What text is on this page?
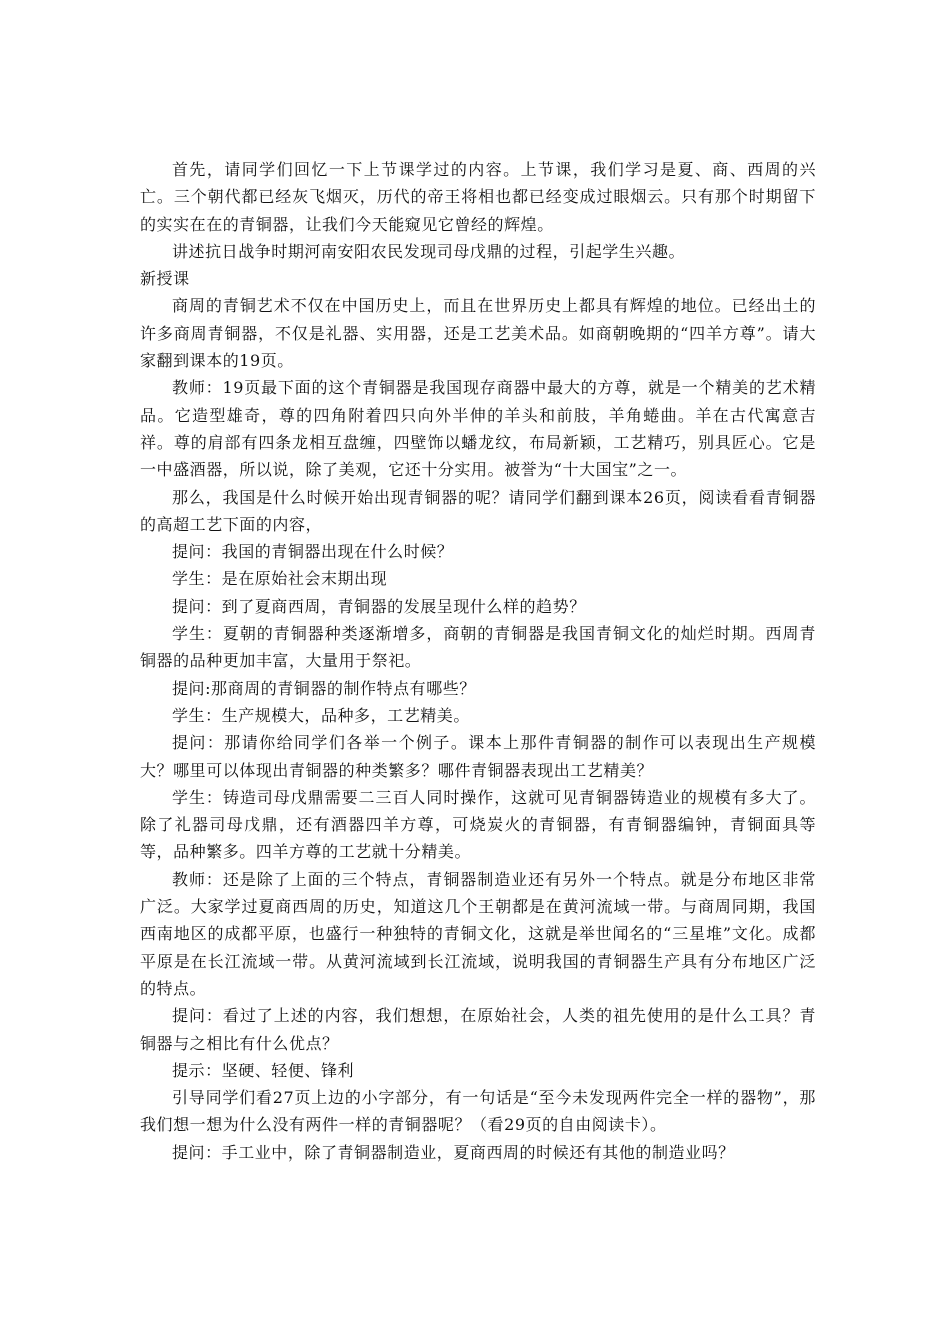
首先，请同学们回忆一下上节课学过的内容。上节课，我们学习是夏、商、西周的兴亡。三个朝代都已经灰飞烟灭，历代的帝王将相也都已经变成过眼烟云。只有那个时期留下的实实在在的青铜器，让我们今天能窥见它曾经的辉煌。

讲述抗日战争时期河南安阳农民发现司母戊鼎的过程，引起学生兴趣。

新授课

商周的青铜艺术不仅在中国历史上，而且在世界历史上都具有辉煌的地位。已经出土的许多商周青铜器，不仅是礼器、实用器，还是工艺美术品。如商朝晚期的“四羊方尊”。请大家翻到课本的19页。

教师：19页最下面的这个青铜器是我国现存商器中最大的方尊，就是一个精美的艺术精品。它造型雄奇，尊的四角附着四只向外半伸的羊头和前肢，羊角蜷曲。羊在古代寓意吉祥。尊的肩部有四条龙相互盘缠，四壁饰以蟠龙纹，布局新颖，工艺精巧，别具匠心。它是一中盛酒器，所以说，除了美观，它还十分实用。被誉为“十大国宝”之一。

那么，我国是什么时候开始出现青铜器的呢？请同学们翻到课本26页，阅读看看青铜器的高超工艺下面的内容，

提问：我国的青铜器出现在什么时候？

学生：是在原始社会末期出现

提问：到了夏商西周，青铜器的发展呈现什么样的趋势？

学生：夏朝的青铜器种类逐渐增多，商朝的青铜器是我国青铜文化的灿烂时期。西周青铜器的品种更加丰富，大量用于祭祀。

提问:那商周的青铜器的制作特点有哪些？

学生：生产规模大，品种多，工艺精美。

提问：那请你给同学们各举一个例子。课本上那件青铜器的制作可以表现出生产规模大？哪里可以体现出青铜器的种类繁多？哪件青铜器表现出工艺精美？

学生：铸造司母戊鼎需要二三百人同时操作，这就可见青铜器铸造业的规模有多大了。除了礼器司母戊鼎，还有酒器四羊方尊，可烧炭火的青铜器，有青铜器编钟，青铜面具等等，品种繁多。四羊方尊的工艺就十分精美。

教师：还是除了上面的三个特点，青铜器制造业还有另外一个特点。就是分布地区非常广泛。大家学过夏商西周的历史，知道这几个王朝都是在黄河流域一带。与商周同期，我国西南地区的成都平原，也盛行一种独特的青铜文化，这就是举世闻名的“三星堆”文化。成都平原是在长江流域一带。从黄河流域到长江流域，说明我国的青铜器生产具有分布地区广泛的特点。

提问：看过了上述的内容，我们想想，在原始社会，人类的祖先使用的是什么工具？青铜器与之相比有什么优点？

提示：坚硬、轻便、锋利

引导同学们看27页上边的小字部分，有一句话是“至今未发现两件完全一样的器物”，那我们想一想为什么没有两件一样的青铜器呢？（看29页的自由阅读卡）。

提问：手工业中，除了青铜器制造业，夏商西周的时候还有其他的制造业吗？
